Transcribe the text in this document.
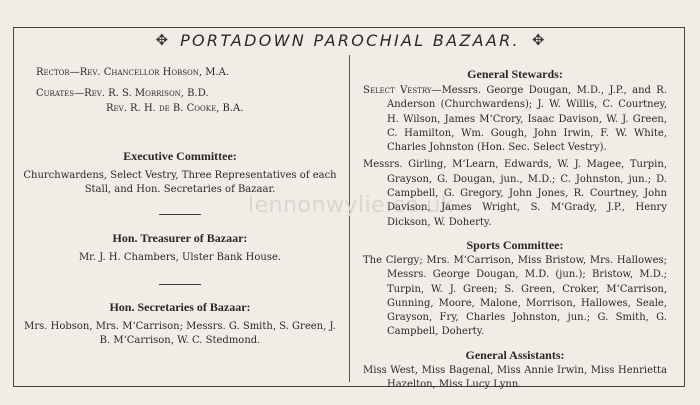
✥ PORTADOWN PAROCHIAL BAZAAR. ✥
lennonwylie.co.uk
Rector—Rev. Chancellor Hobson, M.A.
Curates—Rev. R. S. Morrison, B.D.
Rev. R. H. de B. Cooke, B.A.
Executive Committee:
Churchwardens, Select Vestry, Three Representatives of each Stall, and Hon. Secretaries of Bazaar.
Hon. Treasurer of Bazaar:
Mr. J. H. Chambers, Ulster Bank House.
Hon. Secretaries of Bazaar:
Mrs. Hobson, Mrs. M‘Carrison; Messrs. G. Smith, S. Green, J. B. M‘Carrison, W. C. Stedmond.
General Stewards:
Select Vestry—Messrs. George Dougan, M.D., J.P., and R. Anderson (Churchwardens); J. W. Willis, C. Courtney, H. Wilson, James M‘Crory, Isaac Davison, W. J. Green, C. Hamilton, Wm. Gough, John Irwin, F. W. White, Charles Johnston (Hon. Sec. Select Vestry).
Messrs. Girling, M‘Learn, Edwards, W. J. Magee, Turpin, Grayson, G. Dougan, jun., M.D.; C. Johnston, jun.; D. Campbell, G. Gregory, John Jones, R. Courtney, John Davison, James Wright, S. M‘Grady, J.P., Henry Dickson, W. Doherty.
Sports Committee:
The Clergy; Mrs. M‘Carrison, Miss Bristow, Mrs. Hallowes; Messrs. George Dougan, M.D. (jun.); Bristow, M.D.; Turpin, W. J. Green; S. Green, Croker, M‘Carrison, Gunning, Moore, Malone, Morrison, Hallowes, Seale, Grayson, Fry, Charles Johnston, jun.; G. Smith, G. Campbell, Doherty.
General Assistants:
Miss West, Miss Bagenal, Miss Annie Irwin, Miss Henrietta Hazelton, Miss Lucy Lynn.
